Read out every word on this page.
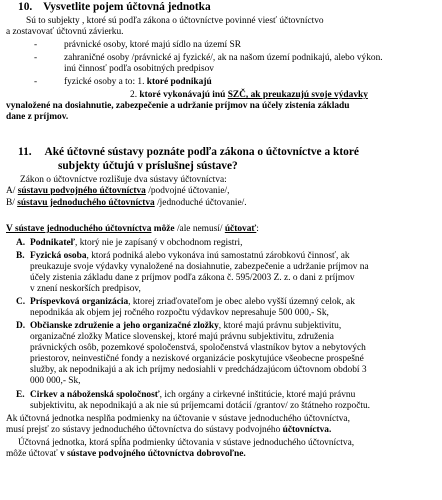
10. Vysvetlite pojem účtovná jednotka
Sú to subjekty , ktoré sú podľa zákona o účtovníctve povinné viesť účtovníctvo
a zostavovať účtovnú závierku.
-	právnické osoby, ktoré majú sídlo na území SR
-	zahraničné osoby /právnické aj fyzické/, ak na našom území podnikajú, alebo výkon.
inú činnosť podľa osobitných predpisov
-	fyzické osoby a to: 1. ktoré podnikajú
2. ktoré vykonávajú inú SZČ, ak preukazujú svoje výdavky
vynaložené na dosiahnutie, zabezpečenie a udržanie príjmov na účely zistenia základu
dane z príjmov.
11. Aké účtovné sústavy poznáte podľa zákona o účtovníctve a ktoré
subjekty účtujú v príslušnej sústave?
Zákon o účtovníctve rozlišuje dva sústavy účtovníctva:
A/ sústavu podvojného účtovníctva /podvojné účtovanie/,
B/ sústavu jednoduchého účtovníctva /jednoduché účtovanie/.
V sústave jednoduchého účtovníctva môže /ale nemusí/ účtovať:
A. Podnikateľ, ktorý nie je zapísaný v obchodnom registri,
B. Fyzická osoba, ktorá podniká alebo vykonáva inú samostatnú zárobkovú činnosť, ak
preukazuje svoje výdavky vynaložené na dosiahnutie, zabezpečenie a udržanie príjmov na
účely zistenia základu dane z príjmov podľa zákona č. 595/2003 Z. z. o dani z príjmov
v znení neskorších predpisov,
C. Príspevková organizácia, ktorej zriaďovateľom je obec alebo vyšší územný celok, ak
nepodnikáa ak objem jej ročného rozpočtu výdavkov nepresahuje 500 000,- Sk,
D. Občianske združenie a jeho organizačné zložky, ktoré majú právnu subjektivitu,
organizačné zložky Matice slovenskej, ktoré majú právnu subjektivitu, združenia
právnických osôb, pozemkové spoločenstvá, spoločenstvá vlastníkov bytov a nebytových
priestorov, neinvestičné fondy a neziskové organizácie poskytujúce všeobecne prospešné
služby, ak nepodnikajú a ak ich príjmy nedosiahli v predchádzajúcom účtovnom období 3
000 000,- Sk,
E. Cirkev a náboženská spoločnosť, ich orgány a cirkevné inštitúcie, ktoré majú právnu
subjektivitu, ak nepodnikajú a ak nie sú príjemcami dotácií /grantov/ zo štátneho rozpočtu.
Ak účtovná jednotka nesplňa podmienky na účtovanie v sústave jednoduchého účtovníctva,
musí prejsť zo sústavy jednoduchého účtovníctva do sústavy podvojného účtovníctva.
Účtovná jednotka, ktorá spĺňa podmienky účtovania v sústave jednoduchého účtovníctva,
môže účtovať v sústave podvojného účtovníctva dobrovoľne.
